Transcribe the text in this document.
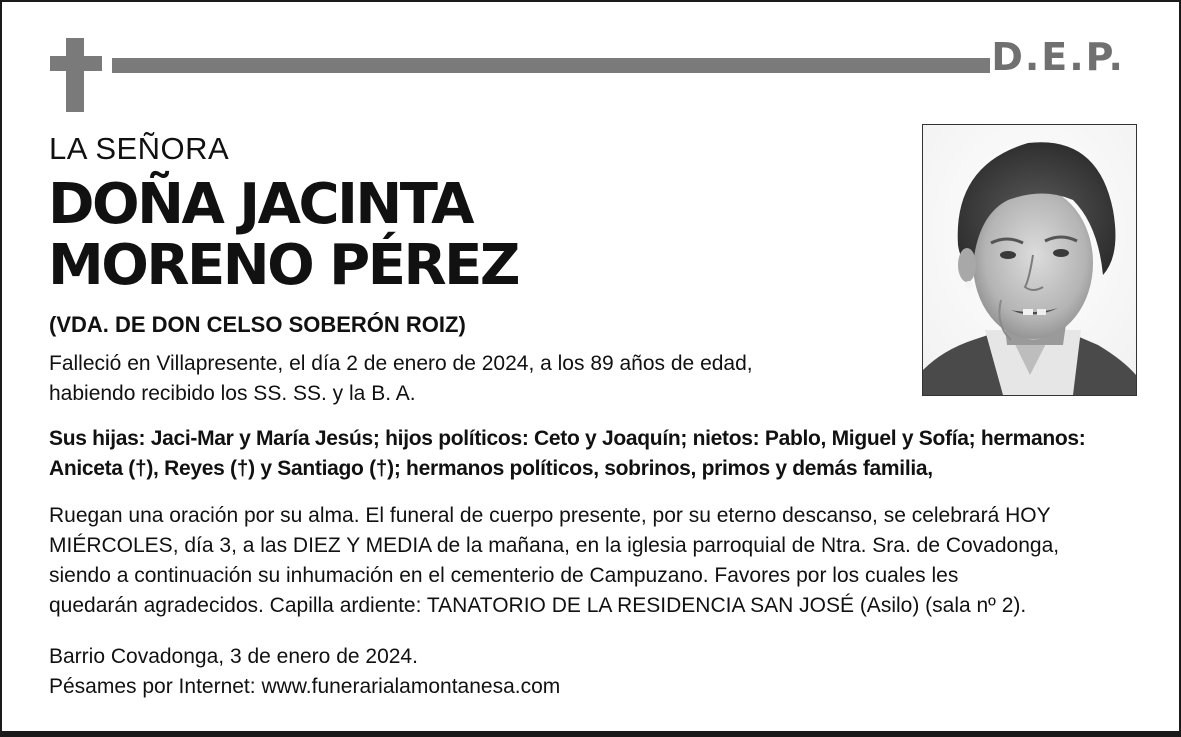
D.E.P.
LA SEÑORA
DOÑA JACINTA
MORENO PÉREZ
(VDA. DE DON CELSO SOBERÓN ROIZ)
Falleció en Villapresente, el día 2 de enero de 2024, a los 89 años de edad,
habiendo recibido los SS. SS. y la B. A.
Sus hijas: Jaci-Mar y María Jesús; hijos políticos: Ceto y Joaquín; nietos: Pablo, Miguel y Sofía; hermanos:
Aniceta (†), Reyes (†) y Santiago (†); hermanos políticos, sobrinos, primos y demás familia,
Ruegan una oración por su alma. El funeral de cuerpo presente, por su eterno descanso, se celebrará HOY
MIÉRCOLES, día 3, a las DIEZ Y MEDIA de la mañana, en la iglesia parroquial de Ntra. Sra. de Covadonga,
siendo a continuación su inhumación en el cementerio de Campuzano. Favores por los cuales les
quedarán agradecidos. Capilla ardiente: TANATORIO DE LA RESIDENCIA SAN JOSÉ (Asilo) (sala nº 2).
Barrio Covadonga, 3 de enero de 2024.
Pésames por Internet: www.funerarialamontanesa.com
